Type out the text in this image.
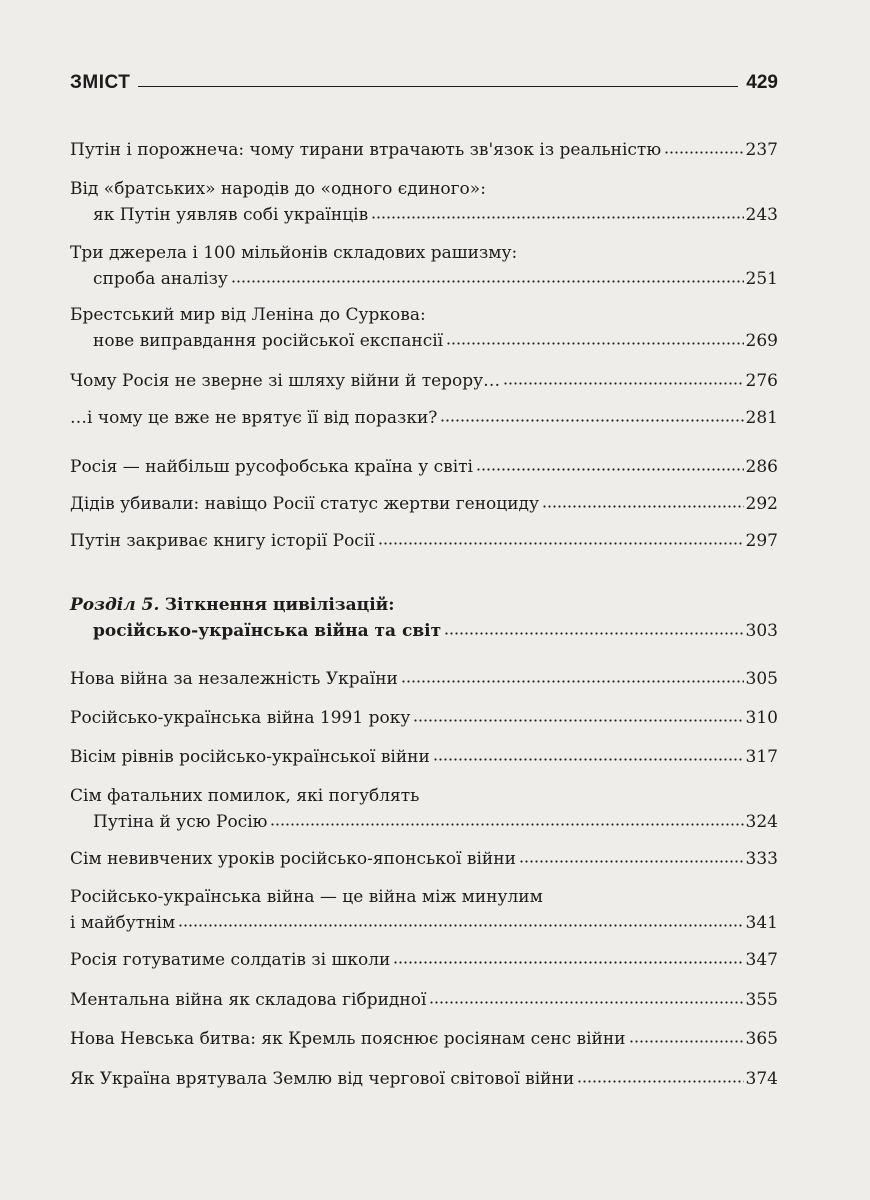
ЗМІСТ	429
Путін і порожнеча: чому тирани втрачають зв'язок із реальністю	237
Від «братських» народів до «одного єдиного»:
як Путін уявляв собі українців	243
Три джерела і 100 мільйонів складових рашизму:
спроба аналізу	251
Брестський мир від Леніна до Суркова:
нове виправдання російської експансії	269
Чому Росія не зверне зі шляху війни й терору…	276
…і чому це вже не врятує її від поразки?	281
Росія — найбільш русофобська країна у світі	286
Дідів убивали: навіщо Росії статус жертви геноциду	292
Путін закриває книгу історії Росії	297
Розділ 5.
Зіткнення цивілізацій:
російсько-українська війна та світ	303
Нова війна за незалежність України	305
Російсько-українська війна 1991 року	310
Вісім рівнів російсько-української війни	317
Сім фатальних помилок, які погублять
Путіна й усю Росію	324
Сім невивчених уроків російсько-японської війни	333
Російсько-українська війна — це війна між минулим
і майбутнім	341
Росія готуватиме солдатів зі школи	347
Ментальна війна як складова гібридної	355
Нова Невська битва: як Кремль пояснює росіянам сенс війни	365
Як Україна врятувала Землю від чергової світової війни	374
